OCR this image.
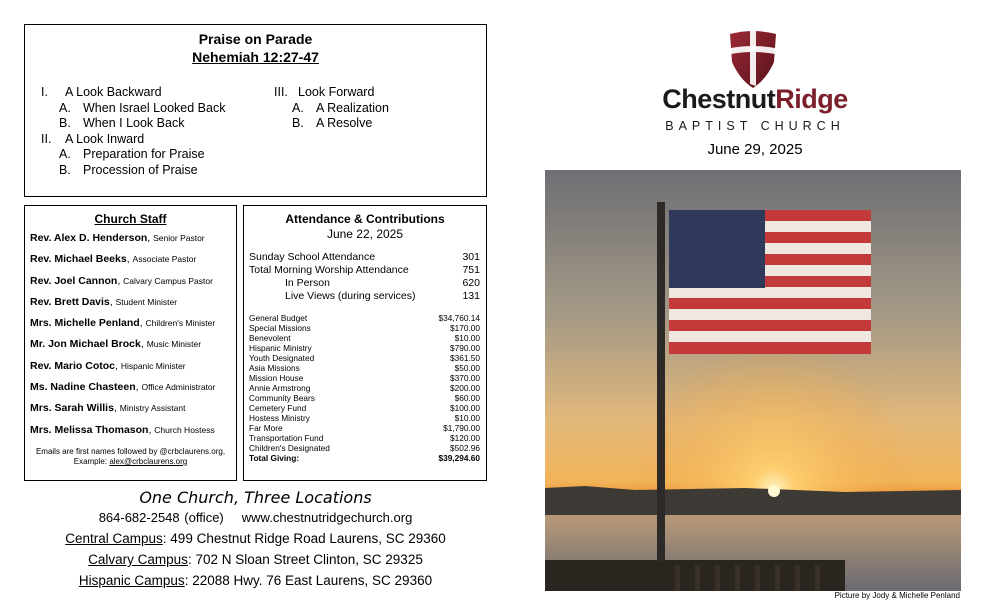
Praise on Parade
Nehemiah 12:27-47
I. A Look Backward
A. When Israel Looked Back
B. When I Look Back
II. A Look Inward
A. Preparation for Praise
B. Procession of Praise
III. Look Forward
A. A Realization
B. A Resolve
Church Staff
Rev. Alex D. Henderson, Senior Pastor
Rev. Michael Beeks, Associate Pastor
Rev. Joel Cannon, Calvary Campus Pastor
Rev. Brett Davis, Student Minister
Mrs. Michelle Penland, Children's Minister
Mr. Jon Michael Brock, Music Minister
Rev. Mario Cotoc, Hispanic Minister
Ms. Nadine Chasteen, Office Administrator
Mrs. Sarah Willis, Ministry Assistant
Mrs. Melissa Thomason, Church Hostess
Emails are first names followed by @crbclaurens.org,
Example: alex@crbclaurens.org
Attendance & Contributions
June 22, 2025
Sunday School Attendance	301
Total Morning Worship Attendance	751
In Person	620
Live Views (during services)	131
General Budget	$34,760.14
Special Missions	$170.00
Benevolent	$10.00
Hispanic Ministry	$790.00
Youth Designated	$361.50
Asia Missions	$50.00
Mission House	$370.00
Annie Armstrong	$200.00
Community Bears	$60.00
Cemetery Fund	$100.00
Hostess Ministry	$10.00
Far More	$1,790.00
Transportation Fund	$120.00
Children's Designated	$502.96
Total Giving:	$39,294.60
One Church, Three Locations
864-682-2548 (office) www.chestnutridgechurch.org
Central Campus: 499 Chestnut Ridge Road Laurens, SC 29360
Calvary Campus: 702 N Sloan Street Clinton, SC 29325
Hispanic Campus: 22088 Hwy. 76 East Laurens, SC 29360
ChestnutRidge
BAPTIST CHURCH
June 29, 2025
Picture by Jody & Michelle Penland
